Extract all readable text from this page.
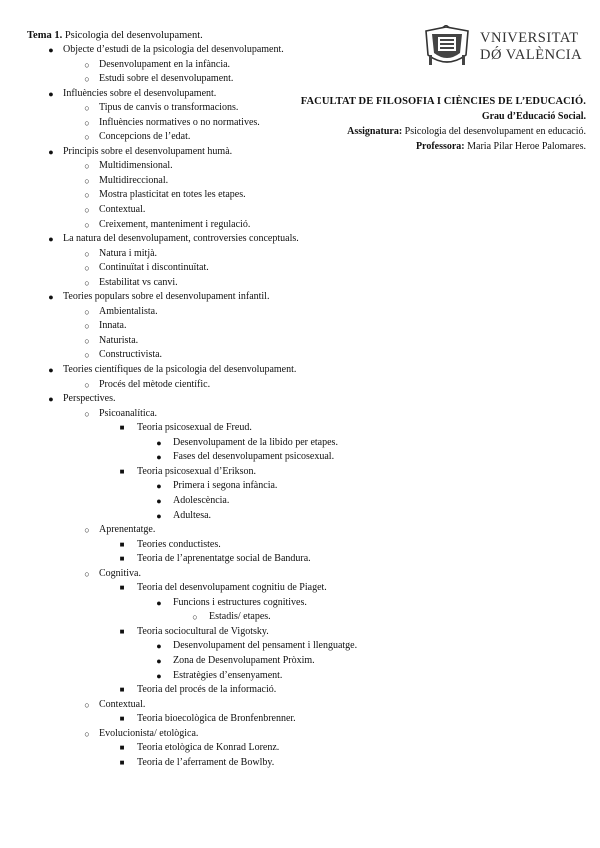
Tema 1. Psicologia del desenvolupament.	VNIVERSITAT
DǾ VALÈNCIA
FACULTAT DE FILOSOFIA I CIÈNCIES DE L’EDUCACIÓ.
Grau d’Educació Social.
Assignatura: Psicologia del desenvolupament en educació.
Professora: Maria Pilar Heroe Palomares.
● Objecte d’estudi de la psicologia del desenvolupament.
○ Desenvolupament en la infància.
○ Estudi sobre el desenvolupament.
● Influències sobre el desenvolupament.
○ Tipus de canvis o transformacions.
○ Influències normatives o no normatives.
○ Concepcions de l’edat.
● Principis sobre el desenvolupament humà.
○ Multidimensional.
○ Multidireccional.
○ Mostra plasticitat en totes les etapes.
○ Contextual.
○ Creixement, manteniment i regulació.
● La natura del desenvolupament, controversies conceptuals.
○ Natura i mitjà.
○ Continuïtat i discontinuïtat.
○ Estabilitat vs canvi.
● Teories populars sobre el desenvolupament infantil.
○ Ambientalista.
○ Innata.
○ Naturista.
○ Constructivista.
● Teories científiques de la psicologia del desenvolupament.
○ Procés del mètode científic.
● Perspectives.
○ Psicoanalítica.
■ Teoria psicosexual de Freud.
● Desenvolupament de la libido per etapes.
● Fases del desenvolupament psicosexual.
■ Teoria psicosexual d’Erikson.
● Primera i segona infància.
● Adolescència.
● Adultesa.
○ Aprenentatge.
■ Teories conductistes.
■ Teoria de l’aprenentatge social de Bandura.
○ Cognitiva.
■ Teoria del desenvolupament cognitiu de Piaget.
● Funcions i estructures cognitives.
○ Estadis/ etapes.
■ Teoria sociocultural de Vigotsky.
● Desenvolupament del pensament i llenguatge.
● Zona de Desenvolupament Pròxim.
● Estratègies d’ensenyament.
■ Teoria del procés de la informació.
○ Contextual.
■ Teoria bioecològica de Bronfenbrenner.
○ Evolucionista/ etològica.
■ Teoria etològica de Konrad Lorenz.
■ Teoria de l’aferrament de Bowlby.
